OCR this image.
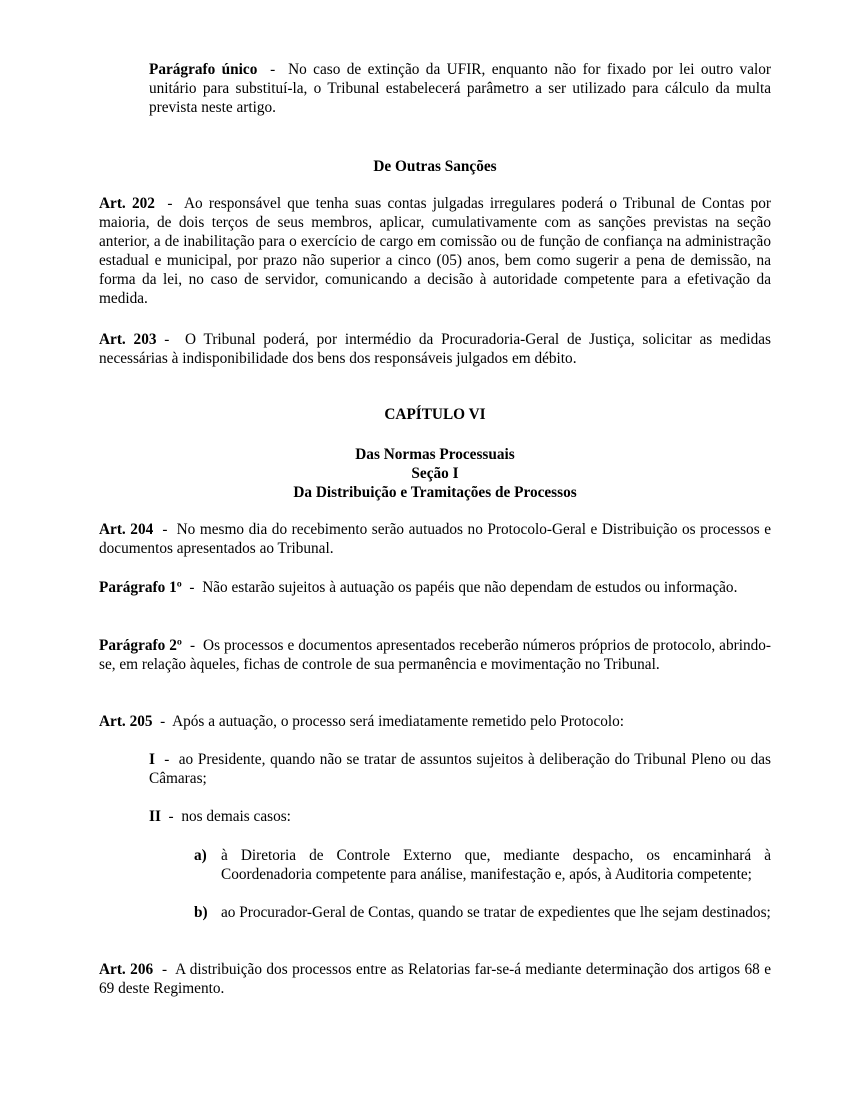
Parágrafo único  -  No caso de extinção da UFIR, enquanto não for fixado por lei outro valor unitário para substituí-la, o Tribunal estabelecerá parâmetro a ser utilizado para cálculo da multa prevista neste artigo.
De Outras Sanções
Art. 202  -  Ao responsável que tenha suas contas julgadas irregulares poderá o Tribunal de Contas por maioria, de dois terços de seus membros, aplicar, cumulativamente com as sanções previstas na seção anterior, a de inabilitação para o exercício de cargo em comissão ou de função de confiança na administração estadual e municipal, por prazo não superior a cinco (05) anos, bem como sugerir a pena de demissão, na forma da lei, no caso de servidor, comunicando a decisão à autoridade competente para a efetivação da medida.
Art. 203 -  O Tribunal poderá, por intermédio da Procuradoria-Geral de Justiça, solicitar as medidas necessárias à indisponibilidade dos bens dos responsáveis julgados em débito.
CAPÍTULO VI
Das Normas Processuais
Seção I
Da Distribuição e Tramitações de Processos
Art. 204  -  No mesmo dia do recebimento serão autuados no Protocolo-Geral e Distribuição os processos e documentos apresentados ao Tribunal.
Parágrafo 1º  -  Não estarão sujeitos à autuação os papéis que não dependam de estudos ou informação.
Parágrafo 2º  -  Os processos e documentos apresentados receberão números próprios de protocolo, abrindo-se, em relação àqueles, fichas de controle de sua permanência e movimentação no Tribunal.
Art. 205  -  Após a autuação, o processo será imediatamente remetido pelo Protocolo:
I  -  ao Presidente, quando não se tratar de assuntos sujeitos à deliberação do Tribunal Pleno ou das Câmaras;
II  -  nos demais casos:
a) à Diretoria de Controle Externo que, mediante despacho, os encaminhará à Coordenadoria competente para análise, manifestação e, após, à Auditoria competente;
b) ao Procurador-Geral de Contas, quando se tratar de expedientes que lhe sejam destinados;
Art. 206  -  A distribuição dos processos entre as Relatorias far-se-á mediante determinação dos artigos 68 e 69 deste Regimento.
